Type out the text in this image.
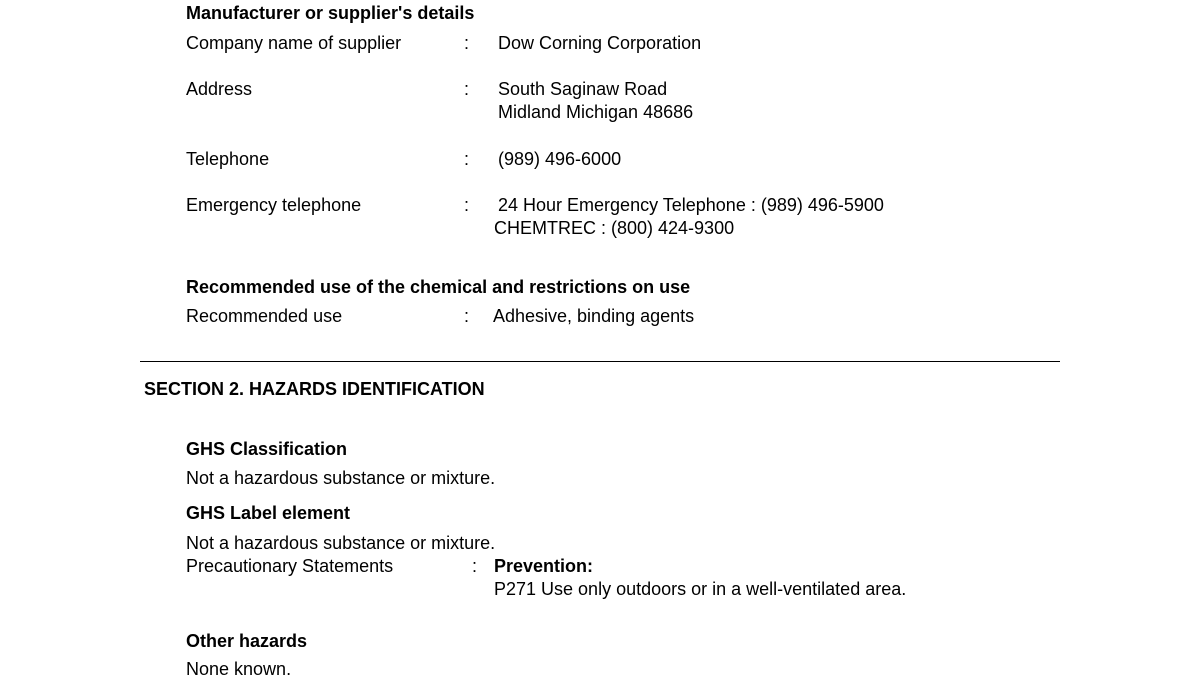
Manufacturer or supplier's details
Company name of supplier	: Dow Corning Corporation
Address	: South Saginaw Road
Midland Michigan 48686
Telephone	: (989) 496-6000
Emergency telephone	: 24 Hour Emergency Telephone : (989) 496-5900
CHEMTREC : (800) 424-9300
Recommended use of the chemical and restrictions on use
Recommended use	: Adhesive, binding agents
SECTION 2. HAZARDS IDENTIFICATION
GHS Classification
Not a hazardous substance or mixture.
GHS Label element
Not a hazardous substance or mixture.
Precautionary Statements	: Prevention:
P271 Use only outdoors or in a well-ventilated area.
Other hazards
None known.
